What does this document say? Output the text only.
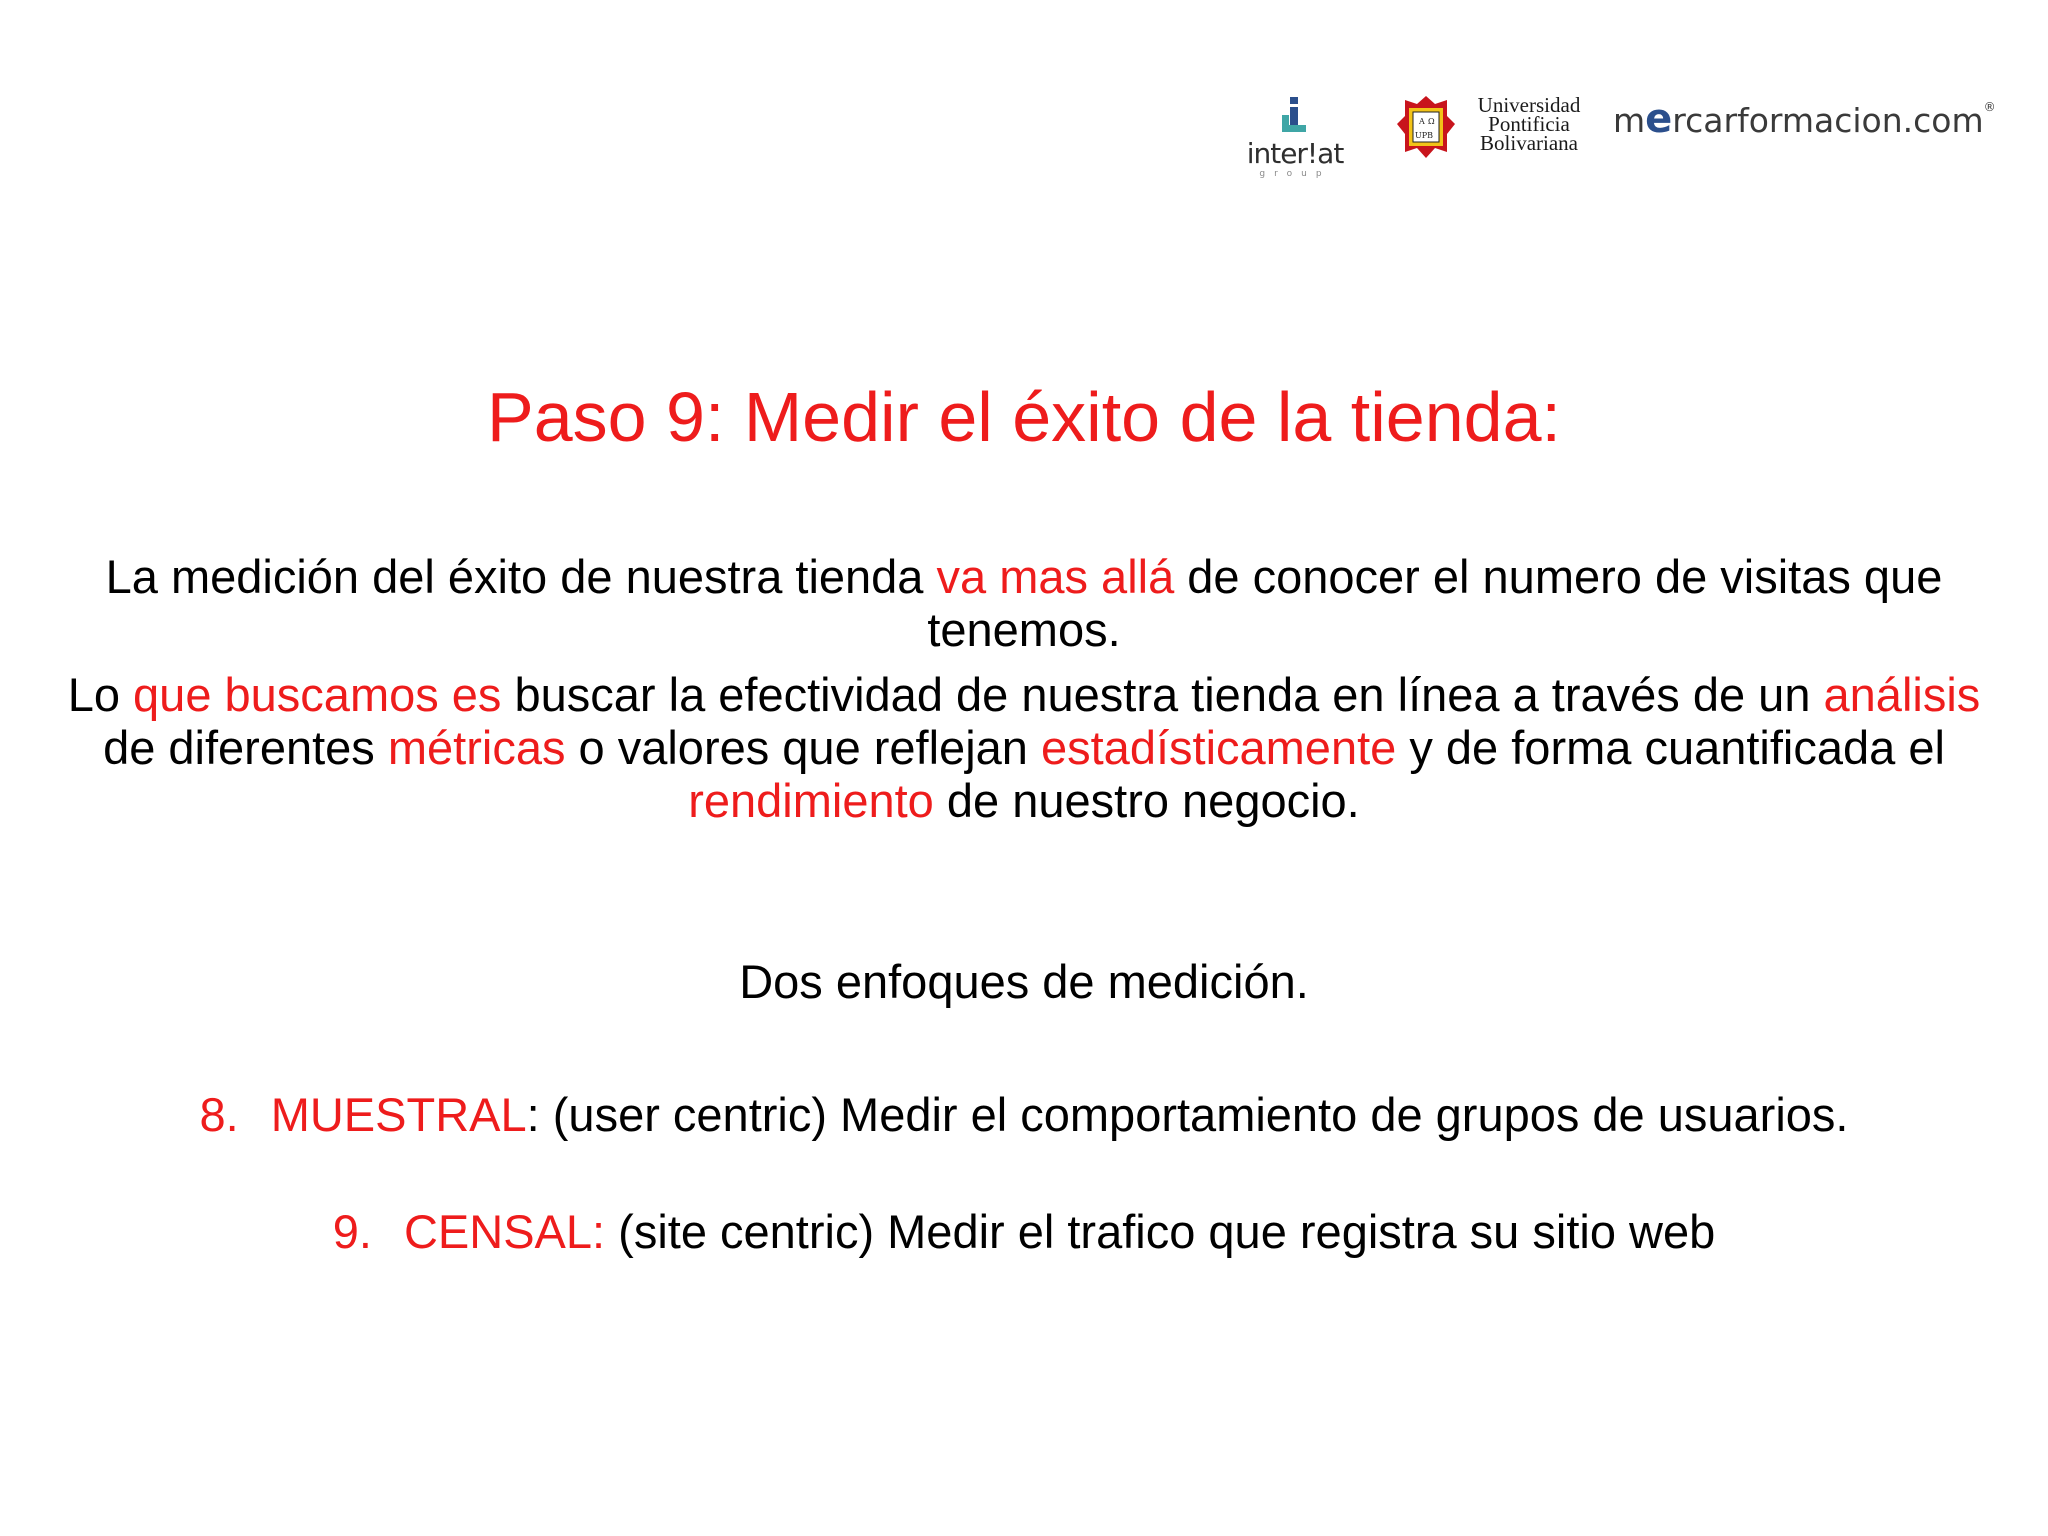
inter!at
group
A Ω
UPB
Universidad
Pontificia
Bolivariana
mercarformacion.com®
Paso 9: Medir el éxito de la tienda:
La medición del éxito de nuestra tienda va mas allá de conocer el numero de visitas que tenemos.
Lo que buscamos es buscar la efectividad de nuestra tienda en línea a través de un análisis de diferentes métricas o valores que reflejan estadísticamente y de forma cuantificada el rendimiento de nuestro negocio.
Dos enfoques de medición.
8. MUESTRAL: (user centric) Medir el comportamiento de grupos de usuarios.
9. CENSAL: (site centric) Medir el trafico que registra su sitio web
